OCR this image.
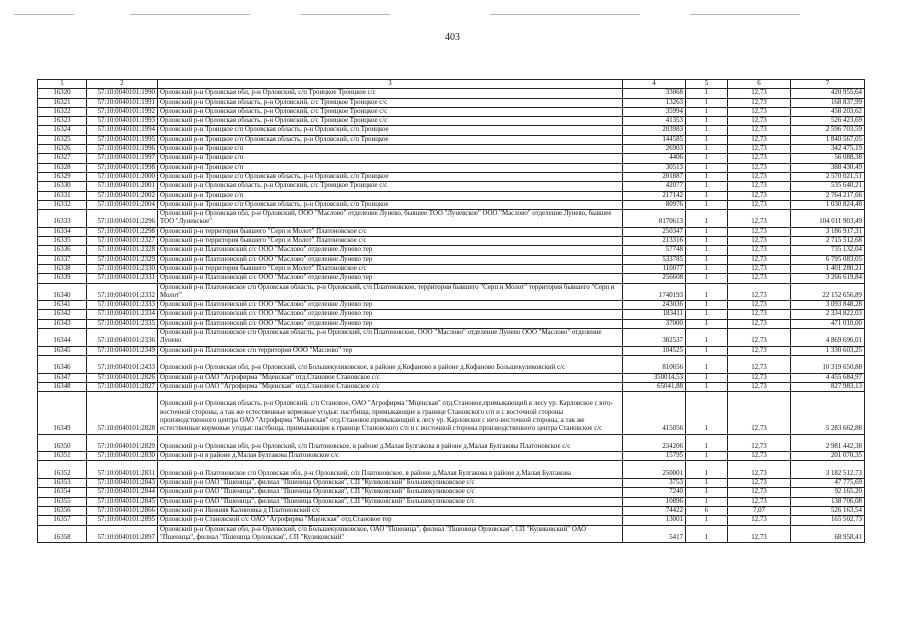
403
1	2	3	4	5	6	7
16320	57:10:0040101:1990	Орловский р-н Орловская обл, р-н Орловский, с/п Троицкое Троицкое с/с	33068	1	12,73	420 955,64
16321	57:10:0040101:1991	Орловский р-н Орловская область, р-н Орловский, с/с Троицкое Троицкое с/с	13263	1	12,73	168 837,99
16322	57:10:0040101:1992	Орловский р-н Орловская область, р-н Орловский, с/с Троицкое Троицкое с/с	35994	1	12,73	458 203,62
16323	57:10:0040101:1993	Орловский р-н Орловская область, р-н Орловский, с/с Троицкое Троицкое с/с	41353	1	12,73	526 423,69
16324	57:10:0040101:1994	Орловский р-н Троицкое с/п Орловская область, р-н Орловский, с/п Троицкое	203983	1	12,73	2 596 703,59
16325	57:10:0040101:1995	Орловский р-н Троицкое с/п Орловская область, р-н Орловский, с/п Троицкое	144585	1	12,73	1 840 567,05
16326	57:10:0040101:1996	Орловский р-н Троицкое с/п	26903	1	12,73	342 475,19
16327	57:10:0040101:1997	Орловский р-н Троицкое с/п	4406	1	12,73	56 088,38
16328	57:10:0040101:1998	Орловский р-н Троицкое с/п	30513	1	12,73	388 430,49
16329	57:10:0040101:2000	Орловский р-н Троицкое с/п Орловская область, р-н Орловский, с/п Троицкое	201887	1	12,73	2 570 021,51
16330	57:10:0040101:2001	Орловский р-н Орловская область, р-н Орловский, с/с Троицкое Троицкое с/с	42077	1	12,73	535 640,21
16331	57:10:0040101:2002	Орловский р-н Троицкое с/п	217142	1	12,73	2 764 217,66
16332	57:10:0040101:2004	Орловский р-н Троицкое с/п Орловская область, р-н Орловский, с/п Троицкое	80976	1	12,73	1 030 824,48
16333	57:10:0040101:2296	Орловский р-н Орловская обл, р-н Орловский, ООО "Маслово" отделение Лунево, бывшее ТОО "Луневское" ООО "Маслово" отделение Лунево, бывшее ТОО "Луневское"	8170613	1	12,73	104 011 903,49
16334	57:10:0040101:2298	Орловский р-н территория бывшего "Серп и Молот" Платоновское с/с	250347	1	12,73	3 186 917,31
16335	57:10:0040101:2327	Орловский р-н территория бывшего "Серп и Молот" Платоновское с/с	213316	1	12,73	2 715 512,68
16336	57:10:0040101:2328	Орловский р-н Платоновский с/с ООО "Маслово" отделение Лунево тер	57748	1	12,73	735 132,04
16337	57:10:0040101:2329	Орловский р-н Платоновский с/с ООО "Маслово" отделение Лунево тер	533785	1	12,73	6 795 083,05
16338	57:10:0040101:2330	Орловский р-н территория бывшего "Серп и Молот" Платоновское с/с	110077	1	12,73	1 401 280,21
16339	57:10:0040101:2331	Орловский р-н Платоновский с/с ООО "Маслово" отделение Лунево тер	256608	1	12,73	3 266 619,84
16340	57:10:0040101:2332	Орловский р-н Платоновское с/п Орловская область, р-н Орловский, с/п Платоновское, территория бывшего "Серп и Молот" территория бывшего "Серп и Молот"	1740193	1	12,73	22 152 656,89
16341	57:10:0040101:2333	Орловский р-н Платоновский с/с ООО "Маслово" отделение Лунево тер	243036	1	12,73	3 093 848,28
16342	57:10:0040101:2334	Орловский р-н Платоновский с/с ООО "Маслово" отделение Лунево тер	183411	1	12,73	2 334 822,03
16343	57:10:0040101:2335	Орловский р-н Платоновский с/с ООО "Маслово" отделение Лунево тер	37000	1	12,73	471 010,00
16344	57:10:0040101:2336	Орловский р-н Платоновское с/п Орловская область, р-н Орловский, с/п Платоновское, ООО "Маслово" отделение Лунево ООО "Маслово" отделение Лунево	382537	1	12,73	4 869 696,01
16345	57:10:0040101:2349	Орловский р-н Платоновское с/п территория ООО "Маслово" тер	104525	1	12,73	1 330 603,25
16346	57:10:0040101:2433	Орловский р-н Орловская обл, р-н Орловский, с/п Большекуликовское, в районе д.Кофаново в районе д.Кофаново Большекуликовский с/с	810656	1	12,73	10 319 650,88
16347	57:10:0040101:2826	Орловский р-н ОАО "Агрофирма "Мценская" отд.Становое Становское с/с	350014,53	1	12,73	4 455 684,97
16348	57:10:0040101:2827	Орловский р-н ОАО "Агрофирма "Мценская" отд.Становое Становское с/с	65041,88	1	12,73	827 983,13
16349	57:10:0040101:2828	Орловский р-н Орловская область, р-н Орловский, с/п Становое, ОАО "Агрофирма "Мценская" отд.Становое,примыкающий к лесу ур. Карловское с юго-восточной стороны, а так же естественные кормовые угодья: пастбища, примыкающие к границе Становского с/п и с восточной стороны производственного центра ОАО "Агрофирма "Мценская" отд.Становое,примыкающий к лесу ур. Карловское с юго-восточной стороны, а так же естественные кормовые угодья: пастбища, примыкающие к границе Становского с/п и с восточной стороны производственного центра Становское с/с	415056	1	12,73	5 283 662,88
16350	57:10:0040101:2829	Орловский р-н Орловская обл, р-н Орловский, с/п Платоновское, в районе д.Малая Булгакова в районе д.Малая Булгакова Платоновское с/с	234206	1	12,73	2 981 442,38
16351	57:10:0040101:2830	Орловский р-н в районе д.Малая Булгакова Платоновское с/с	15795	1	12,73	201 070,35
16352	57:10:0040101:2831	Орловский р-н Платоновское с/п Орловская обл, р-н Орловский, с/п Платоновское, в районе д.Малая Булгакова в районе д.Малая Булгакова	250001	1	12,73	3 182 512,73
16353	57:10:0040101:2843	Орловский р-н ОАО "Пшеница", филиал "Пшеница Орловская", СП "Куликовский" Большекуликовское с/с	3753	1	12,73	47 775,69
16354	57:10:0040101:2844	Орловский р-н ОАО "Пшеница", филиал "Пшеница Орловская", СП "Куликовский" Большекуликовское с/с	7240	1	12,73	92 165,20
16355	57:10:0040101:2845	Орловский р-н ОАО "Пшеница", филиал "Пшеница Орловская", СП "Куликовский" Большекуликовское с/с	10896	1	12,73	138 706,08
16356	57:10:0040101:2866	Орловский р-н Нижняя Калиновка д Платоновский с/с	74422	6	7,07	526 163,54
16357	57:10:0040101:2895	Орловский р-н Становской с/с ОАО "Агрофирма "Мценская" отд.Становое тер	13001	1	12,73	165 502,73
16358	57:10:0040101:2897	Орловский р-н Орловская обл, р-н Орловский, с/п Большекуликовское, ОАО "Пшеница", филиал "Пшеница Орловская", СП "Куликовский" ОАО "Пшеница", филиал "Пшеница Орловская", СП "Куликовский"	5417	1	12,73	68 958,41
